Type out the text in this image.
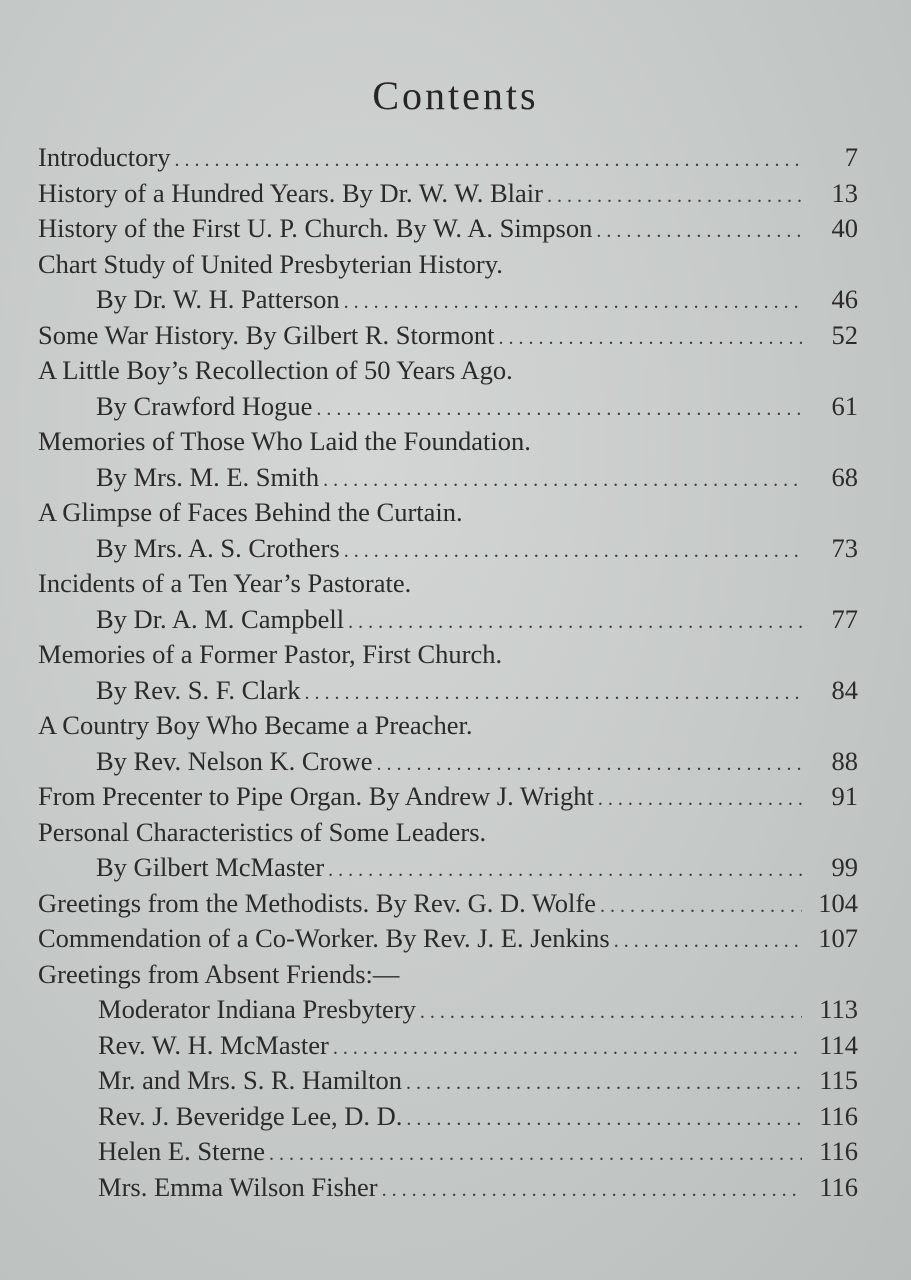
Contents
Introductory . . .	7
History of a Hundred Years. By Dr. W. W. Blair . . .	13
History of the First U. P. Church. By W. A. Simpson . . .	40
Chart Study of United Presbyterian History.
By Dr. W. H. Patterson . . .	46
Some War History. By Gilbert R. Stormont . . .	52
A Little Boy’s Recollection of 50 Years Ago.
By Crawford Hogue . . .	61
Memories of Those Who Laid the Foundation.
By Mrs. M. E. Smith . . .	68
A Glimpse of Faces Behind the Curtain.
By Mrs. A. S. Crothers . . .	73
Incidents of a Ten Year’s Pastorate.
By Dr. A. M. Campbell . . .	77
Memories of a Former Pastor, First Church.
By Rev. S. F. Clark . . .	84
A Country Boy Who Became a Preacher.
By Rev. Nelson K. Crowe . . .	88
From Precenter to Pipe Organ. By Andrew J. Wright . . .	91
Personal Characteristics of Some Leaders.
By Gilbert McMaster . . .	99
Greetings from the Methodists. By Rev. G. D. Wolfe . . .	104
Commendation of a Co-Worker. By Rev. J. E. Jenkins . . .	107
Greetings from Absent Friends:—
Moderator Indiana Presbytery . . .	113
Rev. W. H. McMaster . . .	114
Mr. and Mrs. S. R. Hamilton . . .	115
Rev. J. Beveridge Lee, D. D. . . .	116
Helen E. Sterne . . .	116
Mrs. Emma Wilson Fisher . . .	116
